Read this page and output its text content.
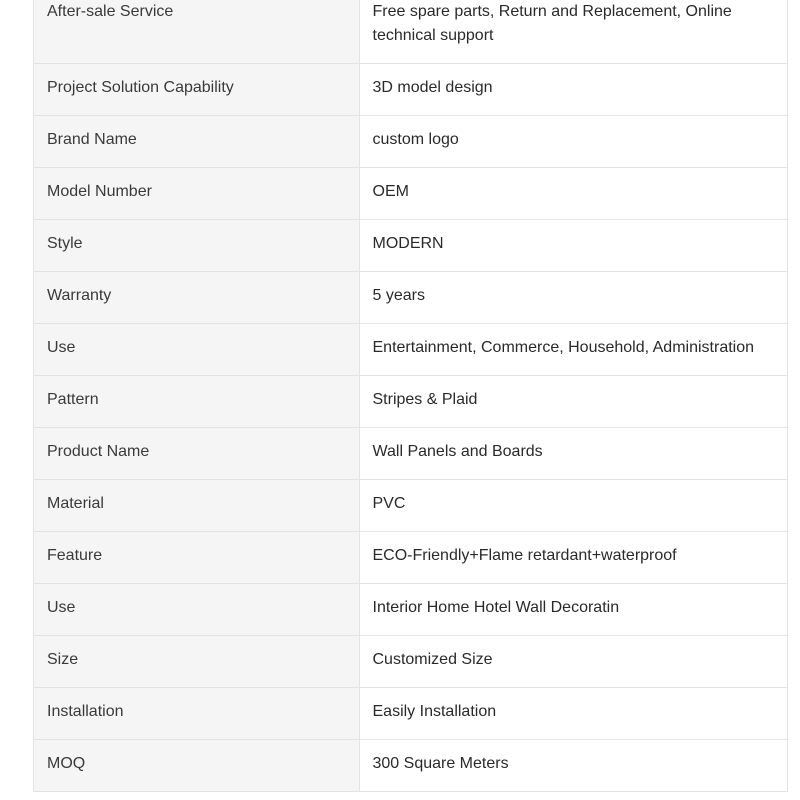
After-sale Service	Free spare parts, Return and Replacement, Online technical support
Project Solution Capability	3D model design
Brand Name	custom logo
Model Number	OEM
Style	MODERN
Warranty	5 years
Use	Entertainment, Commerce, Household, Administration
Pattern	Stripes & Plaid
Product Name	Wall Panels and Boards
Material	PVC
Feature	ECO-Friendly+Flame retardant+waterproof
Use	Interior Home Hotel Wall Decoratin
Size	Customized Size
Installation	Easily Installation
MOQ	300 Square Meters
